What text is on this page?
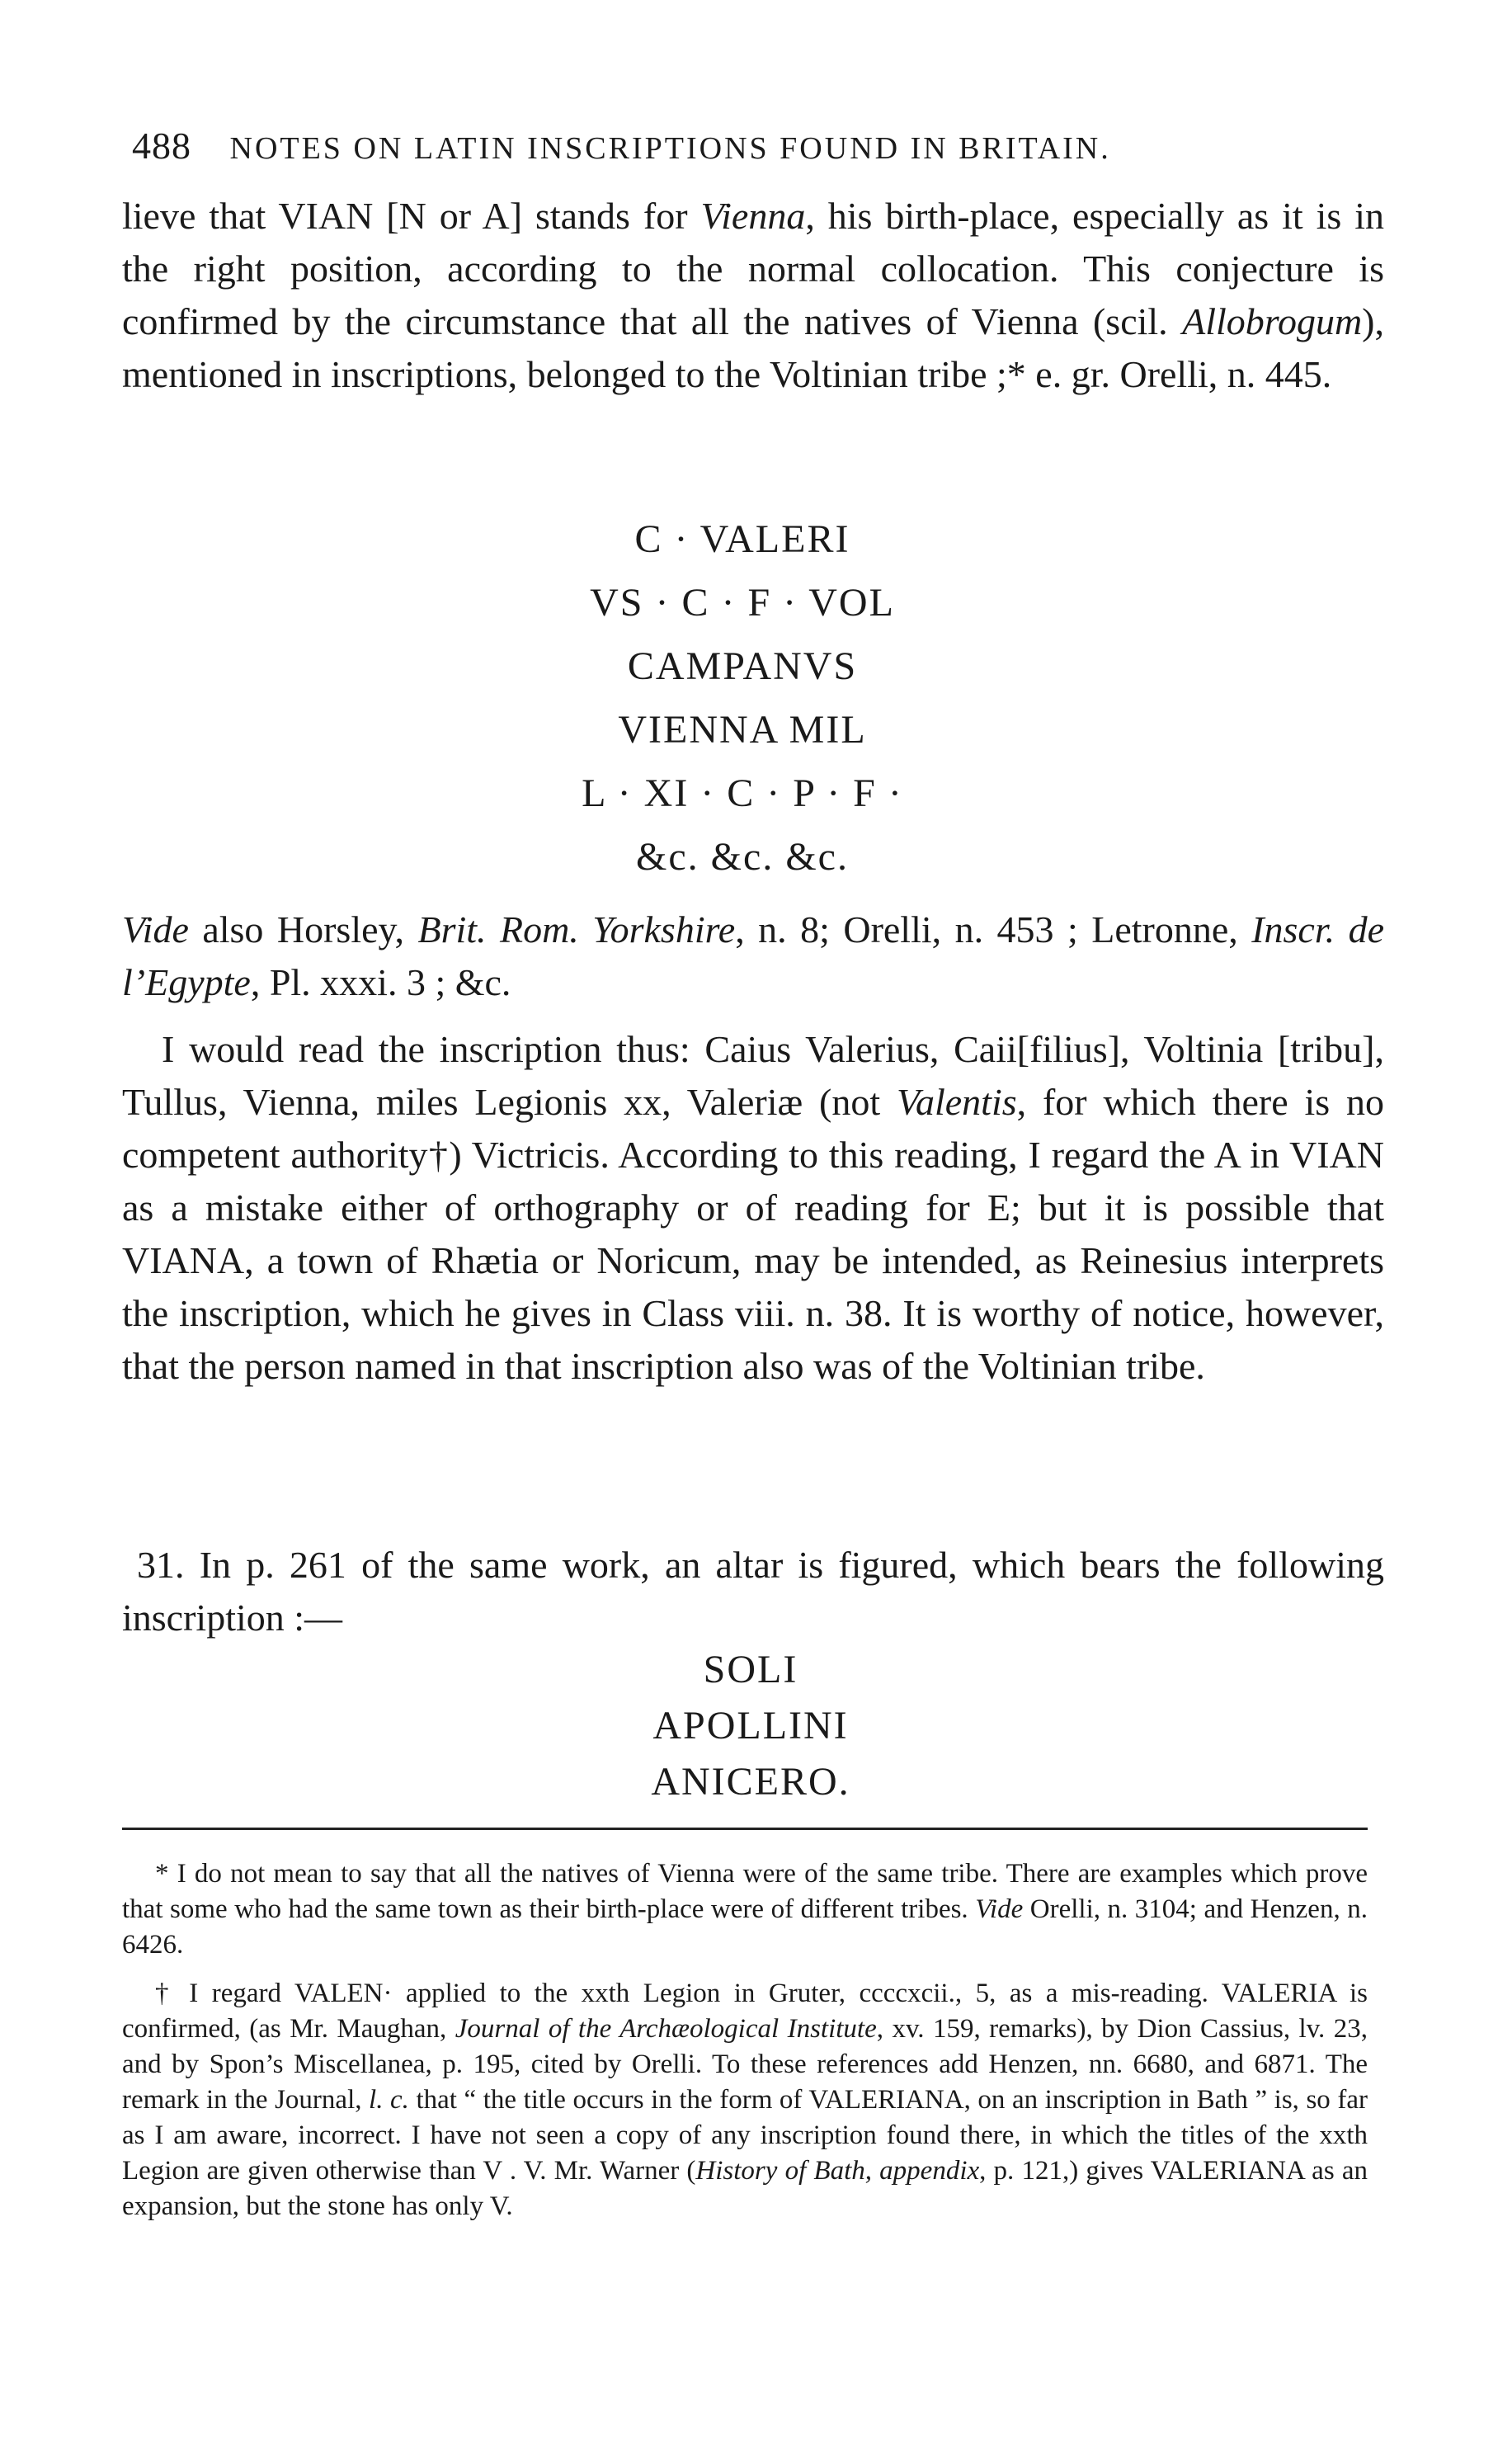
488 NOTES ON LATIN INSCRIPTIONS FOUND IN BRITAIN.

lieve that VIAN [N or A] stands for Vienna, his birth-place, especially as it is in the right position, according to the normal collocation. This conjecture is confirmed by the circumstance that all the natives of Vienna (scil. Allobrogum), mentioned in inscriptions, belonged to the Voltinian tribe ;* e. gr. Orelli, n. 445.

C · VALERI
VS · C · F · VOL
CAMPANVS
VIENNA MIL
L · XI · C · P · F ·
&c. &c. &c.

Vide also Horsley, Brit. Rom. Yorkshire, n. 8; Orelli, n. 453 ; Letronne, Inscr. de l’Egypte, Pl. xxxi. 3 ; &c.

I would read the inscription thus: Caius Valerius, Caii[filius], Voltinia [tribu], Tullus, Vienna, miles Legionis xx, Valeriæ (not Valentis, for which there is no competent authority†) Victricis. According to this reading, I regard the A in VIAN as a mistake either of orthography or of reading for E; but it is possible that VIANA, a town of Rhætia or Noricum, may be intended, as Reinesius interprets the inscription, which he gives in Class viii. n. 38. It is worthy of notice, however, that the person named in that inscription also was of the Voltinian tribe.

31. In p. 261 of the same work, an altar is figured, which bears the following inscription :—

SOLI
APOLLINI
ANICERO.

* I do not mean to say that all the natives of Vienna were of the same tribe. There are examples which prove that some who had the same town as their birth-place were of different tribes. Vide Orelli, n. 3104; and Henzen, n. 6426.

† I regard VALEN· applied to the xxth Legion in Gruter, ccccxcii., 5, as a mis-reading. VALERIA is confirmed, (as Mr. Maughan, Journal of the Archæological Institute, xv. 159, remarks), by Dion Cassius, lv. 23, and by Spon’s Miscellanea, p. 195, cited by Orelli. To these references add Henzen, nn. 6680, and 6871. The remark in the Journal, l. c. that “ the title occurs in the form of VALERIANA, on an inscription in Bath ” is, so far as I am aware, incorrect. I have not seen a copy of any inscription found there, in which the titles of the xxth Legion are given otherwise than V . V. Mr. Warner (History of Bath, appendix, p. 121,) gives VALERIANA as an expansion, but the stone has only V.
